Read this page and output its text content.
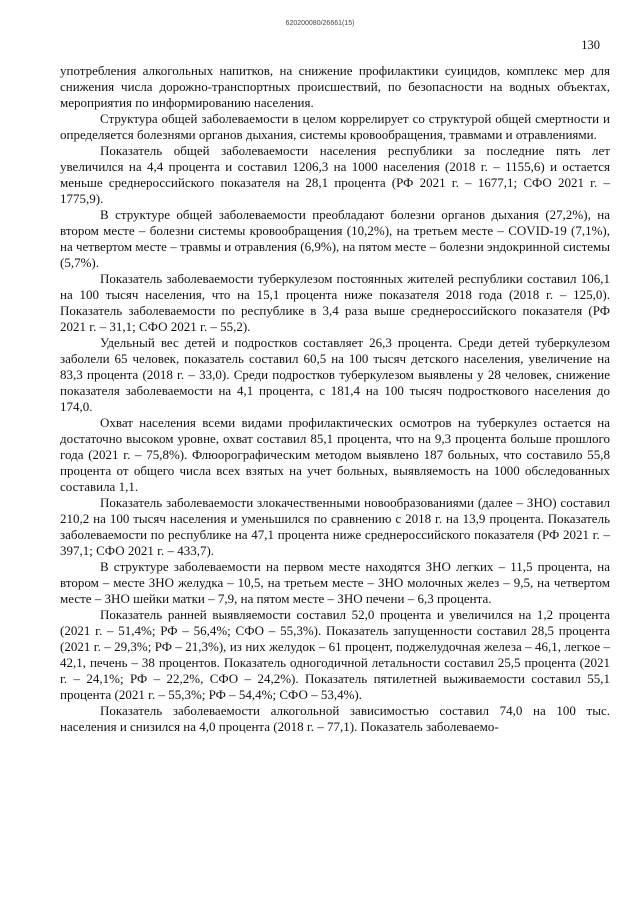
620200080/26661(15)
130

употребления алкогольных напитков, на снижение профилактики суицидов, комплекс мер для снижения числа дорожно-транспортных происшествий, по безопасности на водных объектах, мероприятия по информированию населения.

Структура общей заболеваемости в целом коррелирует со структурой общей смертности и определяется болезнями органов дыхания, системы кровообращения, травмами и отравлениями.

Показатель общей заболеваемости населения республики за последние пять лет увеличился на 4,4 процента и составил 1206,3 на 1000 населения (2018 г. – 1155,6) и остается меньше среднероссийского показателя на 28,1 процента (РФ 2021 г. – 1677,1; СФО 2021 г. – 1775,9).

В структуре общей заболеваемости преобладают болезни органов дыхания (27,2%), на втором месте – болезни системы кровообращения (10,2%), на третьем месте – COVID-19 (7,1%), на четвертом месте – травмы и отравления (6,9%), на пятом месте – болезни эндокринной системы (5,7%).

Показатель заболеваемости туберкулезом постоянных жителей республики составил 106,1 на 100 тысяч населения, что на 15,1 процента ниже показателя 2018 года (2018 г. – 125,0). Показатель заболеваемости по республике в 3,4 раза выше среднероссийского показателя (РФ 2021 г. – 31,1; СФО 2021 г. – 55,2).

Удельный вес детей и подростков составляет 26,3 процента. Среди детей туберкулезом заболели 65 человек, показатель составил 60,5 на 100 тысяч детского населения, увеличение на 83,3 процента (2018 г. – 33,0). Среди подростков туберкулезом выявлены у 28 человек, снижение показателя заболеваемости на 4,1 процента, с 181,4 на 100 тысяч подросткового населения до 174,0.

Охват населения всеми видами профилактических осмотров на туберкулез остается на достаточно высоком уровне, охват составил 85,1 процента, что на 9,3 процента больше прошлого года (2021 г. – 75,8%). Флюорографическим методом выявлено 187 больных, что составило 55,8 процента от общего числа всех взятых на учет больных, выявляемость на 1000 обследованных составила 1,1.

Показатель заболеваемости злокачественными новообразованиями (далее – ЗНО) составил 210,2 на 100 тысяч населения и уменьшился по сравнению с 2018 г. на 13,9 процента. Показатель заболеваемости по республике на 47,1 процента ниже среднероссийского показателя (РФ 2021 г. – 397,1; СФО 2021 г. – 433,7).

В структуре заболеваемости на первом месте находятся ЗНО легких – 11,5 процента, на втором – месте ЗНО желудка – 10,5, на третьем месте – ЗНО молочных желез – 9,5, на четвертом месте – ЗНО шейки матки – 7,9, на пятом месте – ЗНО печени – 6,3 процента.

Показатель ранней выявляемости составил 52,0 процента и увеличился на 1,2 процента (2021 г. – 51,4%; РФ – 56,4%; СФО – 55,3%). Показатель запущенности составил 28,5 процента (2021 г. – 29,3%; РФ – 21,3%), из них желудок – 61 процент, поджелудочная железа – 46,1, легкое – 42,1, печень – 38 процентов. Показатель одногодичной летальности составил 25,5 процента (2021 г. – 24,1%; РФ – 22,2%, СФО – 24,2%). Показатель пятилетней выживаемости составил 55,1 процента (2021 г. – 55,3%; РФ – 54,4%; СФО – 53,4%).

Показатель заболеваемости алкогольной зависимостью составил 74,0 на 100 тыс. населения и снизился на 4,0 процента (2018 г. – 77,1). Показатель заболеваемо-
